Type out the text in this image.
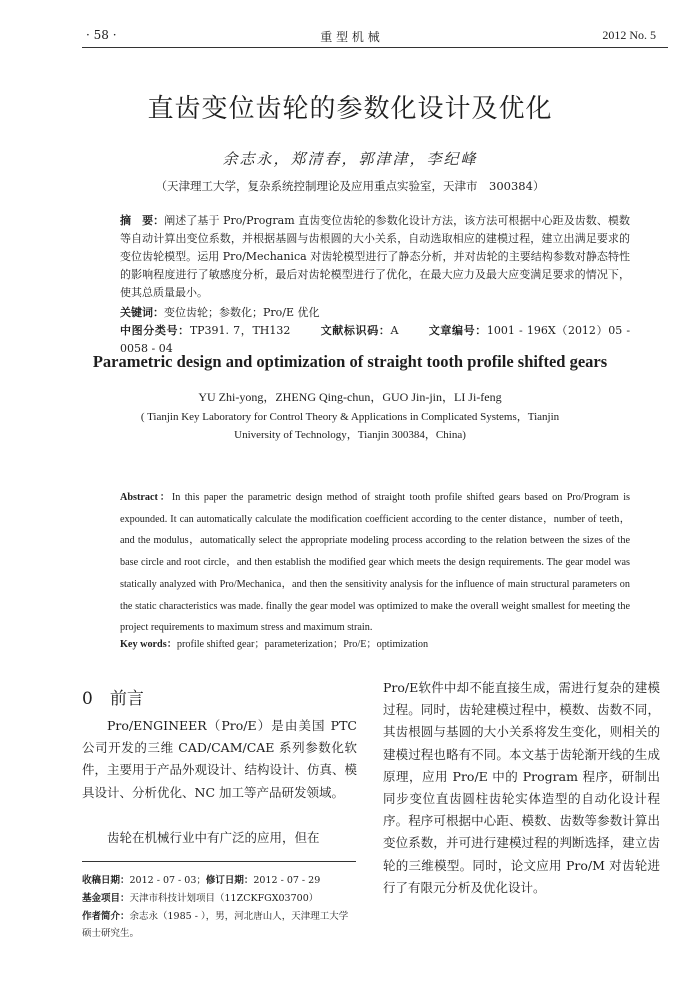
· 58 ·	重 型 机 械	2012 No. 5
直齿变位齿轮的参数化设计及优化
余志永，郑清春，郭津津，李纪峰
（天津理工大学，复杂系统控制理论及应用重点实验室，天津市　300384）
摘　要：阐述了基于 Pro/Program 直齿变位齿轮的参数化设计方法，该方法可根据中心距及齿数、模数等自动计算出变位系数，并根据基圆与齿根圆的大小关系，自动选取相应的建模过程，建立出满足要求的变位齿轮模型。运用 Pro/Mechanica 对齿轮模型进行了静态分析，并对齿轮的主要结构参数对静态特性的影响程度进行了敏感度分析，最后对齿轮模型进行了优化，在最大应力及最大应变满足要求的情况下，使其总质量最小。
关键词：变位齿轮；参数化；Pro/E 优化
中图分类号：TP391. 7，TH132	文献标识码：A	文章编号：1001 - 196X（2012）05 - 0058 - 04
Parametric design and optimization of straight tooth profile shifted gears
YU Zhi-yong，ZHENG Qing-chun，GUO Jin-jin，LI Ji-feng
( Tianjin Key Laboratory for Control Theory & Applications in Complicated Systems，Tianjin University of Technology，Tianjin 300384，China)
Abstract：In this paper the parametric design method of straight tooth profile shifted gears based on Pro/Program is expounded. It can automatically calculate the modification coefficient according to the center distance，number of teeth，and the modulus，automatically select the appropriate modeling process according to the relation between the sizes of the base circle and root circle，and then establish the modified gear which meets the design requirements. The gear model was statically analyzed with Pro/Mechanica，and then the sensitivity analysis for the influence of main structural parameters on the static characteristics was made. finally the gear model was optimized to make the overall weight smallest for meeting the project requirements to maximum stress and maximum strain.
Key words：profile shifted gear；parameterization；Pro/E；optimization
0　前言
Pro/ENGINEER（Pro/E）是由美国 PTC 公司开发的三维 CAD/CAM/CAE 系列参数化软件，主要用于产品外观设计、结构设计、仿真、模具设计、分析优化、NC 加工等产品研发领域。
齿轮在机械行业中有广泛的应用，但在
Pro/E软件中却不能直接生成，需进行复杂的建模过程。同时，齿轮建模过程中，模数、齿数不同，其齿根圆与基圆的大小关系将发生变化，则相关的建模过程也略有不同。本文基于齿轮渐开线的生成原理，应用 Pro/E 中的 Program 程序，研制出同步变位直齿圆柱齿轮实体造型的自动化设计程序。程序可根据中心距、模数、齿数等参数计算出变位系数，并可进行建模过程的判断选择，建立齿轮的三维模型。同时，论文应用 Pro/M 对齿轮进行了有限元分析及优化设计。
收稿日期：2012 - 07 - 03；修订日期：2012 - 07 - 29
基金项目：天津市科技计划项目（11ZCKFGX03700）
作者简介：余志永（1985 - ），男，河北唐山人，天津理工大学硕士研究生。
